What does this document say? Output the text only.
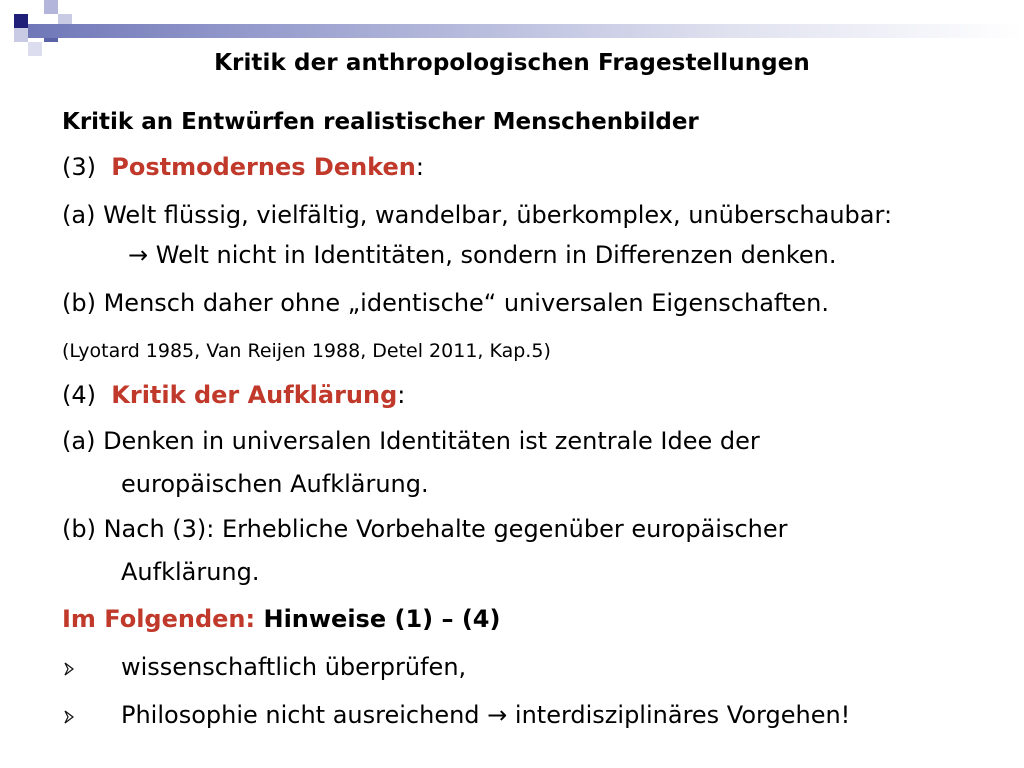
Kritik der anthropologischen Fragestellungen
Kritik an Entwürfen realistischer Menschenbilder
(3) Postmodernes Denken:
(a) Welt flüssig, vielfältig, wandelbar, überkomplex, unüberschaubar:
→ Welt nicht in Identitäten, sondern in Differenzen denken.
(b) Mensch daher ohne „identische“ universalen Eigenschaften.
(Lyotard 1985, Van Reijen 1988, Detel 2011, Kap.5)
(4) Kritik der Aufklärung:
(a) Denken in universalen Identitäten ist zentrale Idee der
europäischen Aufklärung.
(b) Nach (3): Erhebliche Vorbehalte gegenüber europäischer
Aufklärung.
Im Folgenden: Hinweise (1) – (4)
wissenschaftlich überprüfen,
Philosophie nicht ausreichend → interdisziplinäres Vorgehen!
